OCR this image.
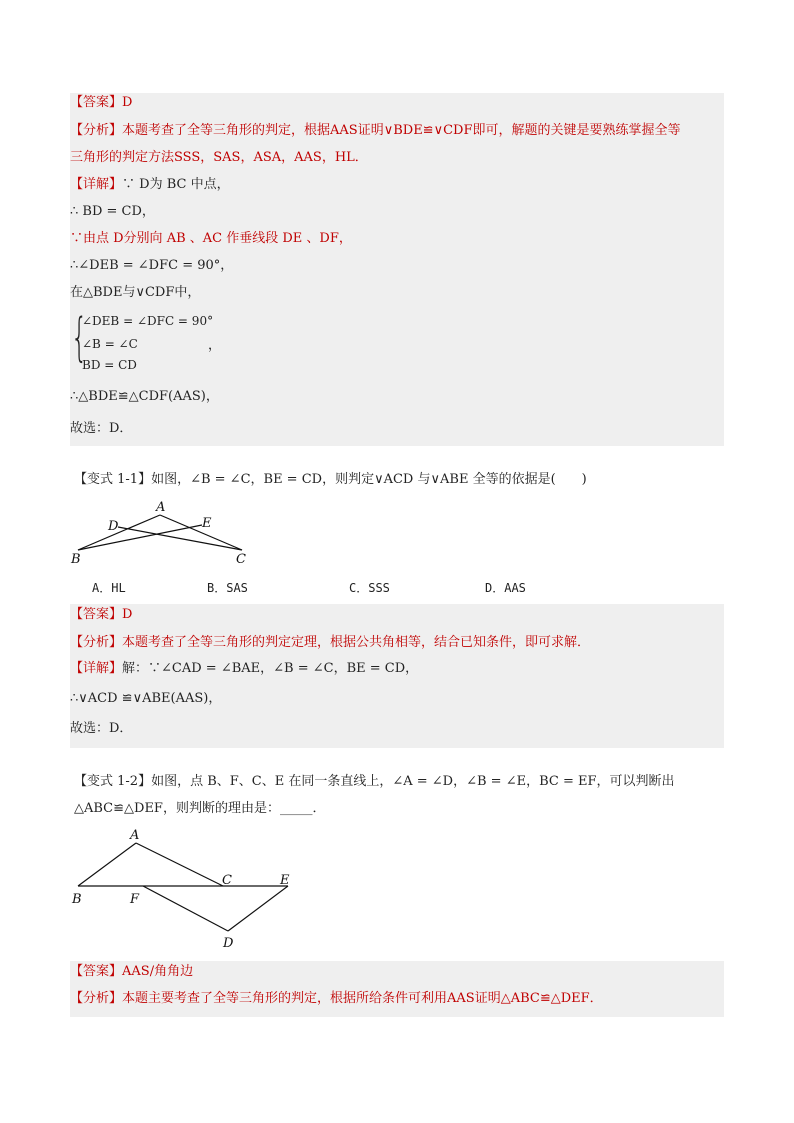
【答案】D
【分析】本题考查了全等三角形的判定，根据AAS证明∨BDE≌∨CDF即可，解题的关键是要熟练掌握全等
三角形的判定方法SSS，SAS，ASA，AAS，HL．
【详解】∵ D为 BC 中点，
∴ BD = CD，
∵由点 D分别向 AB 、AC 作垂线段 DE 、DF，
∴∠DEB = ∠DFC = 90°，
在△BDE与∨CDF中，
{
∠DEB = ∠DFC = 90°
∠B = ∠C
BD = CD
，
∴△BDE≌△CDF(AAS)，
故选：D．
【变式 1-1】如图，∠B = ∠C，BE = CD，则判定∨ACD 与∨ABE 全等的依据是(　　)
A
B	C
D	E
A．HL	B．SAS	C．SSS	D．AAS
【答案】D
【分析】本题考查了全等三角形的判定定理，根据公共角相等，结合已知条件，即可求解．
【详解】解：∵∠CAD = ∠BAE，∠B = ∠C，BE = CD，
∴∨ACD ≌∨ABE(AAS)，
故选：D．
【变式 1-2】如图，点 B、F、C、E 在同一条直线上，∠A = ∠D，∠B = ∠E，BC = EF，可以判断出
△ABC≌△DEF，则判断的理由是：_____．
A
B
C	E
F
D
【答案】AAS/角角边
【分析】本题主要考查了全等三角形的判定，根据所给条件可利用AAS证明△ABC≌△DEF．
